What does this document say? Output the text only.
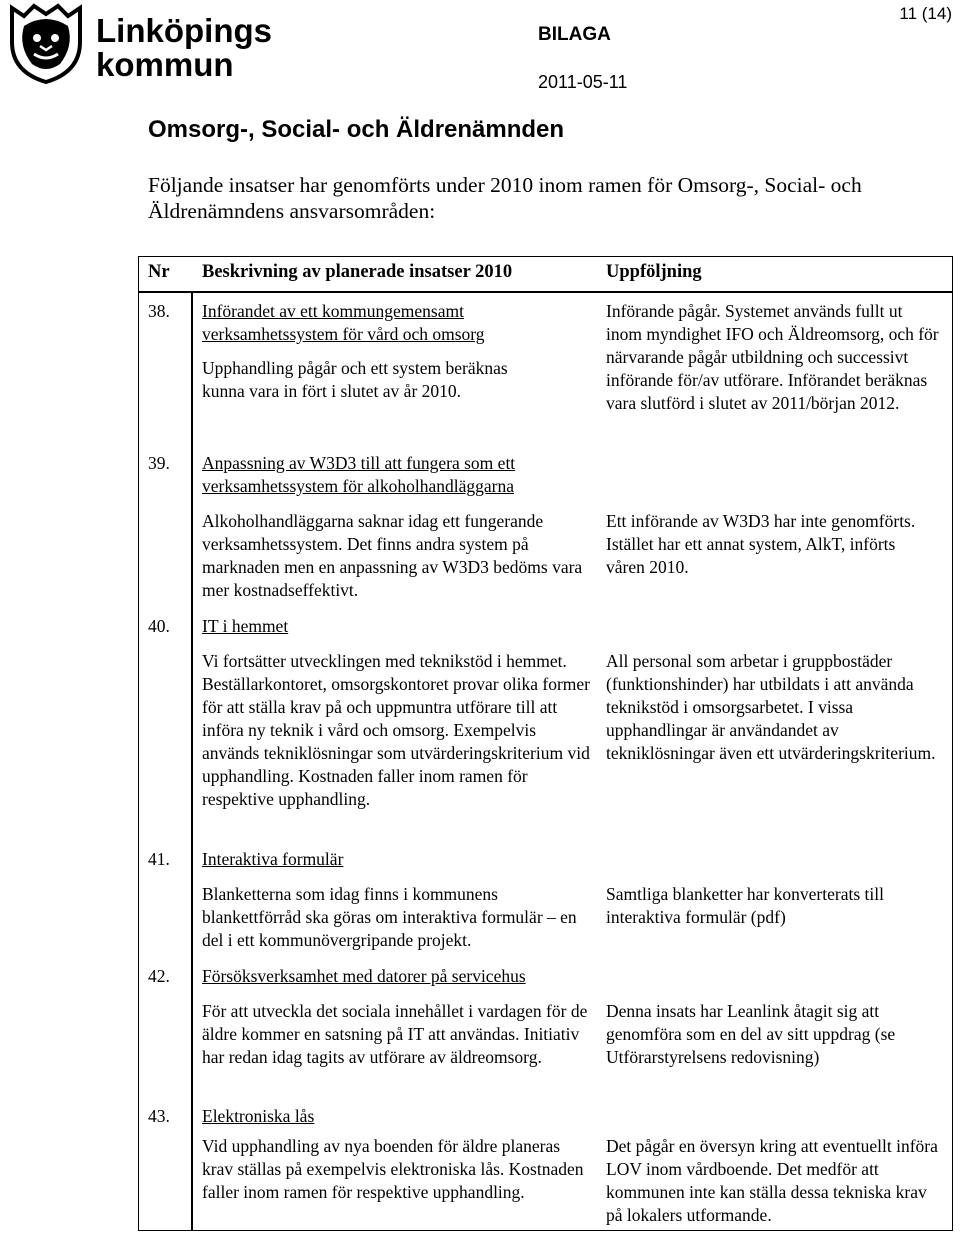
Linköpings
kommun
BILAGA
2011-05-11
11 (14)
Omsorg-, Social- och Äldrenämnden
Följande insatser har genomförts under 2010 inom ramen för Omsorg-, Social- och Äldrenämndens ansvarsområden:
Nr Beskrivning av planerade insatser 2010	Uppföljning
38. Införandet av ett kommungemensamt verksamhetssystem för vård och omsorg
Upphandling pågår och ett system beräknas kunna vara in fört i slutet av år 2010.
Införande pågår. Systemet används fullt ut inom myndighet IFO och Äldreomsorg, och för närvarande pågår utbildning och successivt införande för/av utförare. Införandet beräknas vara slutförd i slutet av 2011/början 2012.
39. Anpassning av W3D3 till att fungera som ett verksamhetssystem för alkoholhandläggarna
Alkoholhandläggarna saknar idag ett fungerande verksamhetssystem. Det finns andra system på marknaden men en anpassning av W3D3 bedöms vara mer kostnadseffektivt.
Ett införande av W3D3 har inte genomförts. Istället har ett annat system, AlkT, införts våren 2010.
40. IT i hemmet
Vi fortsätter utvecklingen med teknikstöd i hemmet. Beställarkontoret, omsorgskontoret provar olika former för att ställa krav på och uppmuntra utförare till att införa ny teknik i vård och omsorg. Exempelvis används tekniklösningar som utvärderingskriterium vid upphandling. Kostnaden faller inom ramen för respektive upphandling.
All personal som arbetar i gruppbostäder (funktionshinder) har utbildats i att använda teknikstöd i omsorgsarbetet. I vissa upphandlingar är användandet av tekniklösningar även ett utvärderingskriterium.
41. Interaktiva formulär
Blanketterna som idag finns i kommunens blankettförråd ska göras om interaktiva formulär – en del i ett kommunövergripande projekt.
Samtliga blanketter har konverterats till interaktiva formulär (pdf)
42. Försöksverksamhet med datorer på servicehus
För att utveckla det sociala innehållet i vardagen för de äldre kommer en satsning på IT att användas. Initiativ har redan idag tagits av utförare av äldreomsorg.
Denna insats har Leanlink åtagit sig att genomföra som en del av sitt uppdrag (se Utförarstyrelsens redovisning)
43. Elektroniska lås
Vid upphandling av nya boenden för äldre planeras krav ställas på exempelvis elektroniska lås. Kostnaden faller inom ramen för respektive upphandling.
Det pågår en översyn kring att eventuellt införa LOV inom vårdboende. Det medför att kommunen inte kan ställa dessa tekniska krav på lokalers utformande.
